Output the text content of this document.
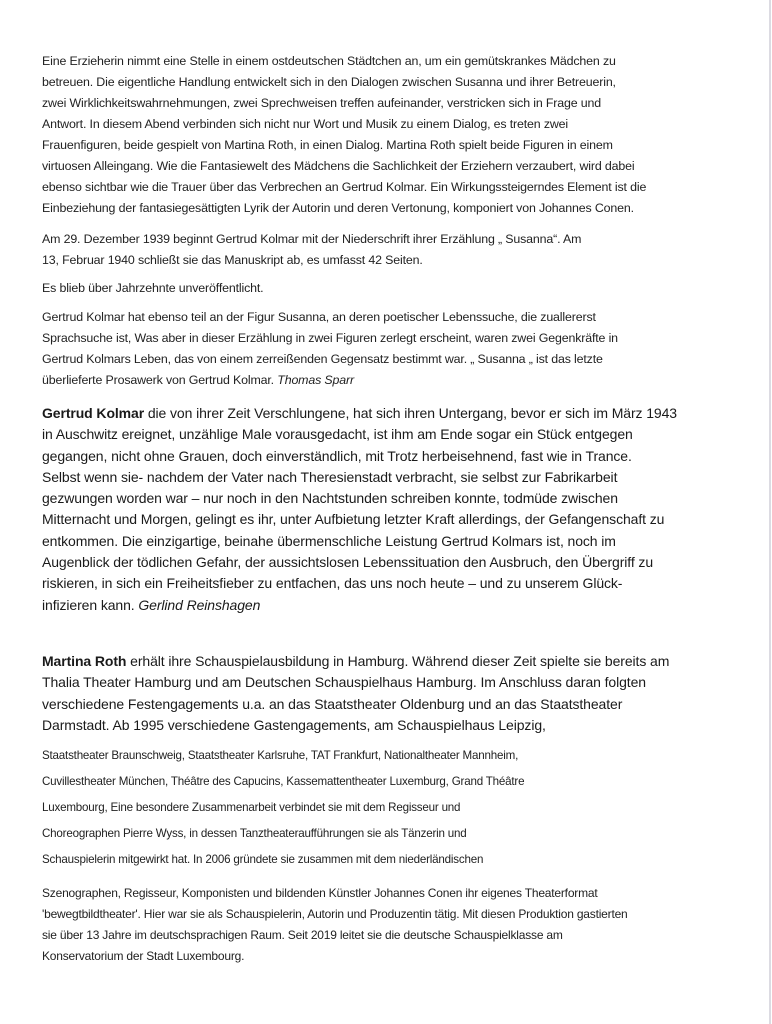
Eine Erzieherin nimmt eine Stelle in einem ostdeutschen Städtchen an, um ein gemütskrankes Mädchen zu
betreuen. Die eigentliche Handlung entwickelt sich in den Dialogen zwischen Susanna und ihrer Betreuerin,
zwei Wirklichkeitswahrnehmungen, zwei Sprechweisen treffen aufeinander, verstricken sich in Frage und
Antwort. In diesem Abend verbinden sich nicht nur Wort und Musik zu einem Dialog, es treten zwei
Frauenfiguren, beide gespielt von Martina Roth, in einen Dialog. Martina Roth spielt beide Figuren in einem
virtuosen Alleingang. Wie die Fantasiewelt des Mädchens die Sachlichkeit der Erziehern verzaubert, wird dabei
ebenso sichtbar wie die Trauer über das Verbrechen an Gertrud Kolmar. Ein Wirkungssteigerndes Element ist die
Einbeziehung der fantasiegesättigten Lyrik der Autorin und deren Vertonung, komponiert von Johannes Conen.
Am 29. Dezember 1939 beginnt Gertrud Kolmar mit der Niederschrift ihrer Erzählung „ Susanna“. Am
13, Februar 1940 schließt sie das Manuskript ab, es umfasst 42 Seiten.
Es blieb über Jahrzehnte unveröffentlicht.
Gertrud Kolmar hat ebenso teil an der Figur Susanna, an deren poetischer Lebenssuche, die zuallererst
Sprachsuche ist, Was aber in dieser Erzählung in zwei Figuren zerlegt erscheint, waren zwei Gegenkräfte in
Gertrud Kolmars Leben, das von einem zerreißenden Gegensatz bestimmt war. „ Susanna „ ist das letzte
überlieferte Prosawerk von Gertrud Kolmar. Thomas Sparr
Gertrud Kolmar die von ihrer Zeit Verschlungene, hat sich ihren Untergang, bevor er sich im März 1943
in Auschwitz ereignet, unzählige Male vorausgedacht, ist ihm am Ende sogar ein Stück entgegen
gegangen, nicht ohne Grauen, doch einverständlich, mit Trotz herbeisehnend, fast wie in Trance.
Selbst wenn sie- nachdem der Vater nach Theresienstadt verbracht, sie selbst zur Fabrikarbeit
gezwungen worden war – nur noch in den Nachtstunden schreiben konnte, todmüde zwischen
Mitternacht und Morgen, gelingt es ihr, unter Aufbietung letzter Kraft allerdings, der Gefangenschaft zu
entkommen. Die einzigartige, beinahe übermenschliche Leistung Gertrud Kolmars ist, noch im
Augenblick der tödlichen Gefahr, der aussichtslosen Lebenssituation den Ausbruch, den Übergriff zu
riskieren, in sich ein Freiheitsfieber zu entfachen, das uns noch heute – und zu unserem Glück-
infizieren kann. Gerlind Reinshagen
Martina Roth erhält ihre Schauspielausbildung in Hamburg. Während dieser Zeit spielte sie bereits am
Thalia Theater Hamburg und am Deutschen Schauspielhaus Hamburg. Im Anschluss daran folgten
verschiedene Festengagements u.a. an das Staatstheater Oldenburg und an das Staatstheater
Darmstadt. Ab 1995 verschiedene Gastengagements, am Schauspielhaus Leipzig,
Staatstheater Braunschweig, Staatstheater Karlsruhe, TAT Frankfurt, Nationaltheater Mannheim,
Cuvillestheater München, Théâtre des Capucins, Kassemattentheater Luxemburg, Grand Théâtre
Luxembourg, Eine besondere Zusammenarbeit verbindet sie mit dem Regisseur und
Choreographen Pierre Wyss, in dessen Tanztheateraufführungen sie als Tänzerin und
Schauspielerin mitgewirkt hat. In 2006 gründete sie zusammen mit dem niederländischen
Szenographen, Regisseur, Komponisten und bildenden Künstler Johannes Conen ihr eigenes Theaterformat
'bewegtbildtheater'. Hier war sie als Schauspielerin, Autorin und Produzentin tätig. Mit diesen Produktion gastierten
sie über 13 Jahre im deutschsprachigen Raum. Seit 2019 leitet sie die deutsche Schauspielklasse am
Konservatorium der Stadt Luxembourg.
